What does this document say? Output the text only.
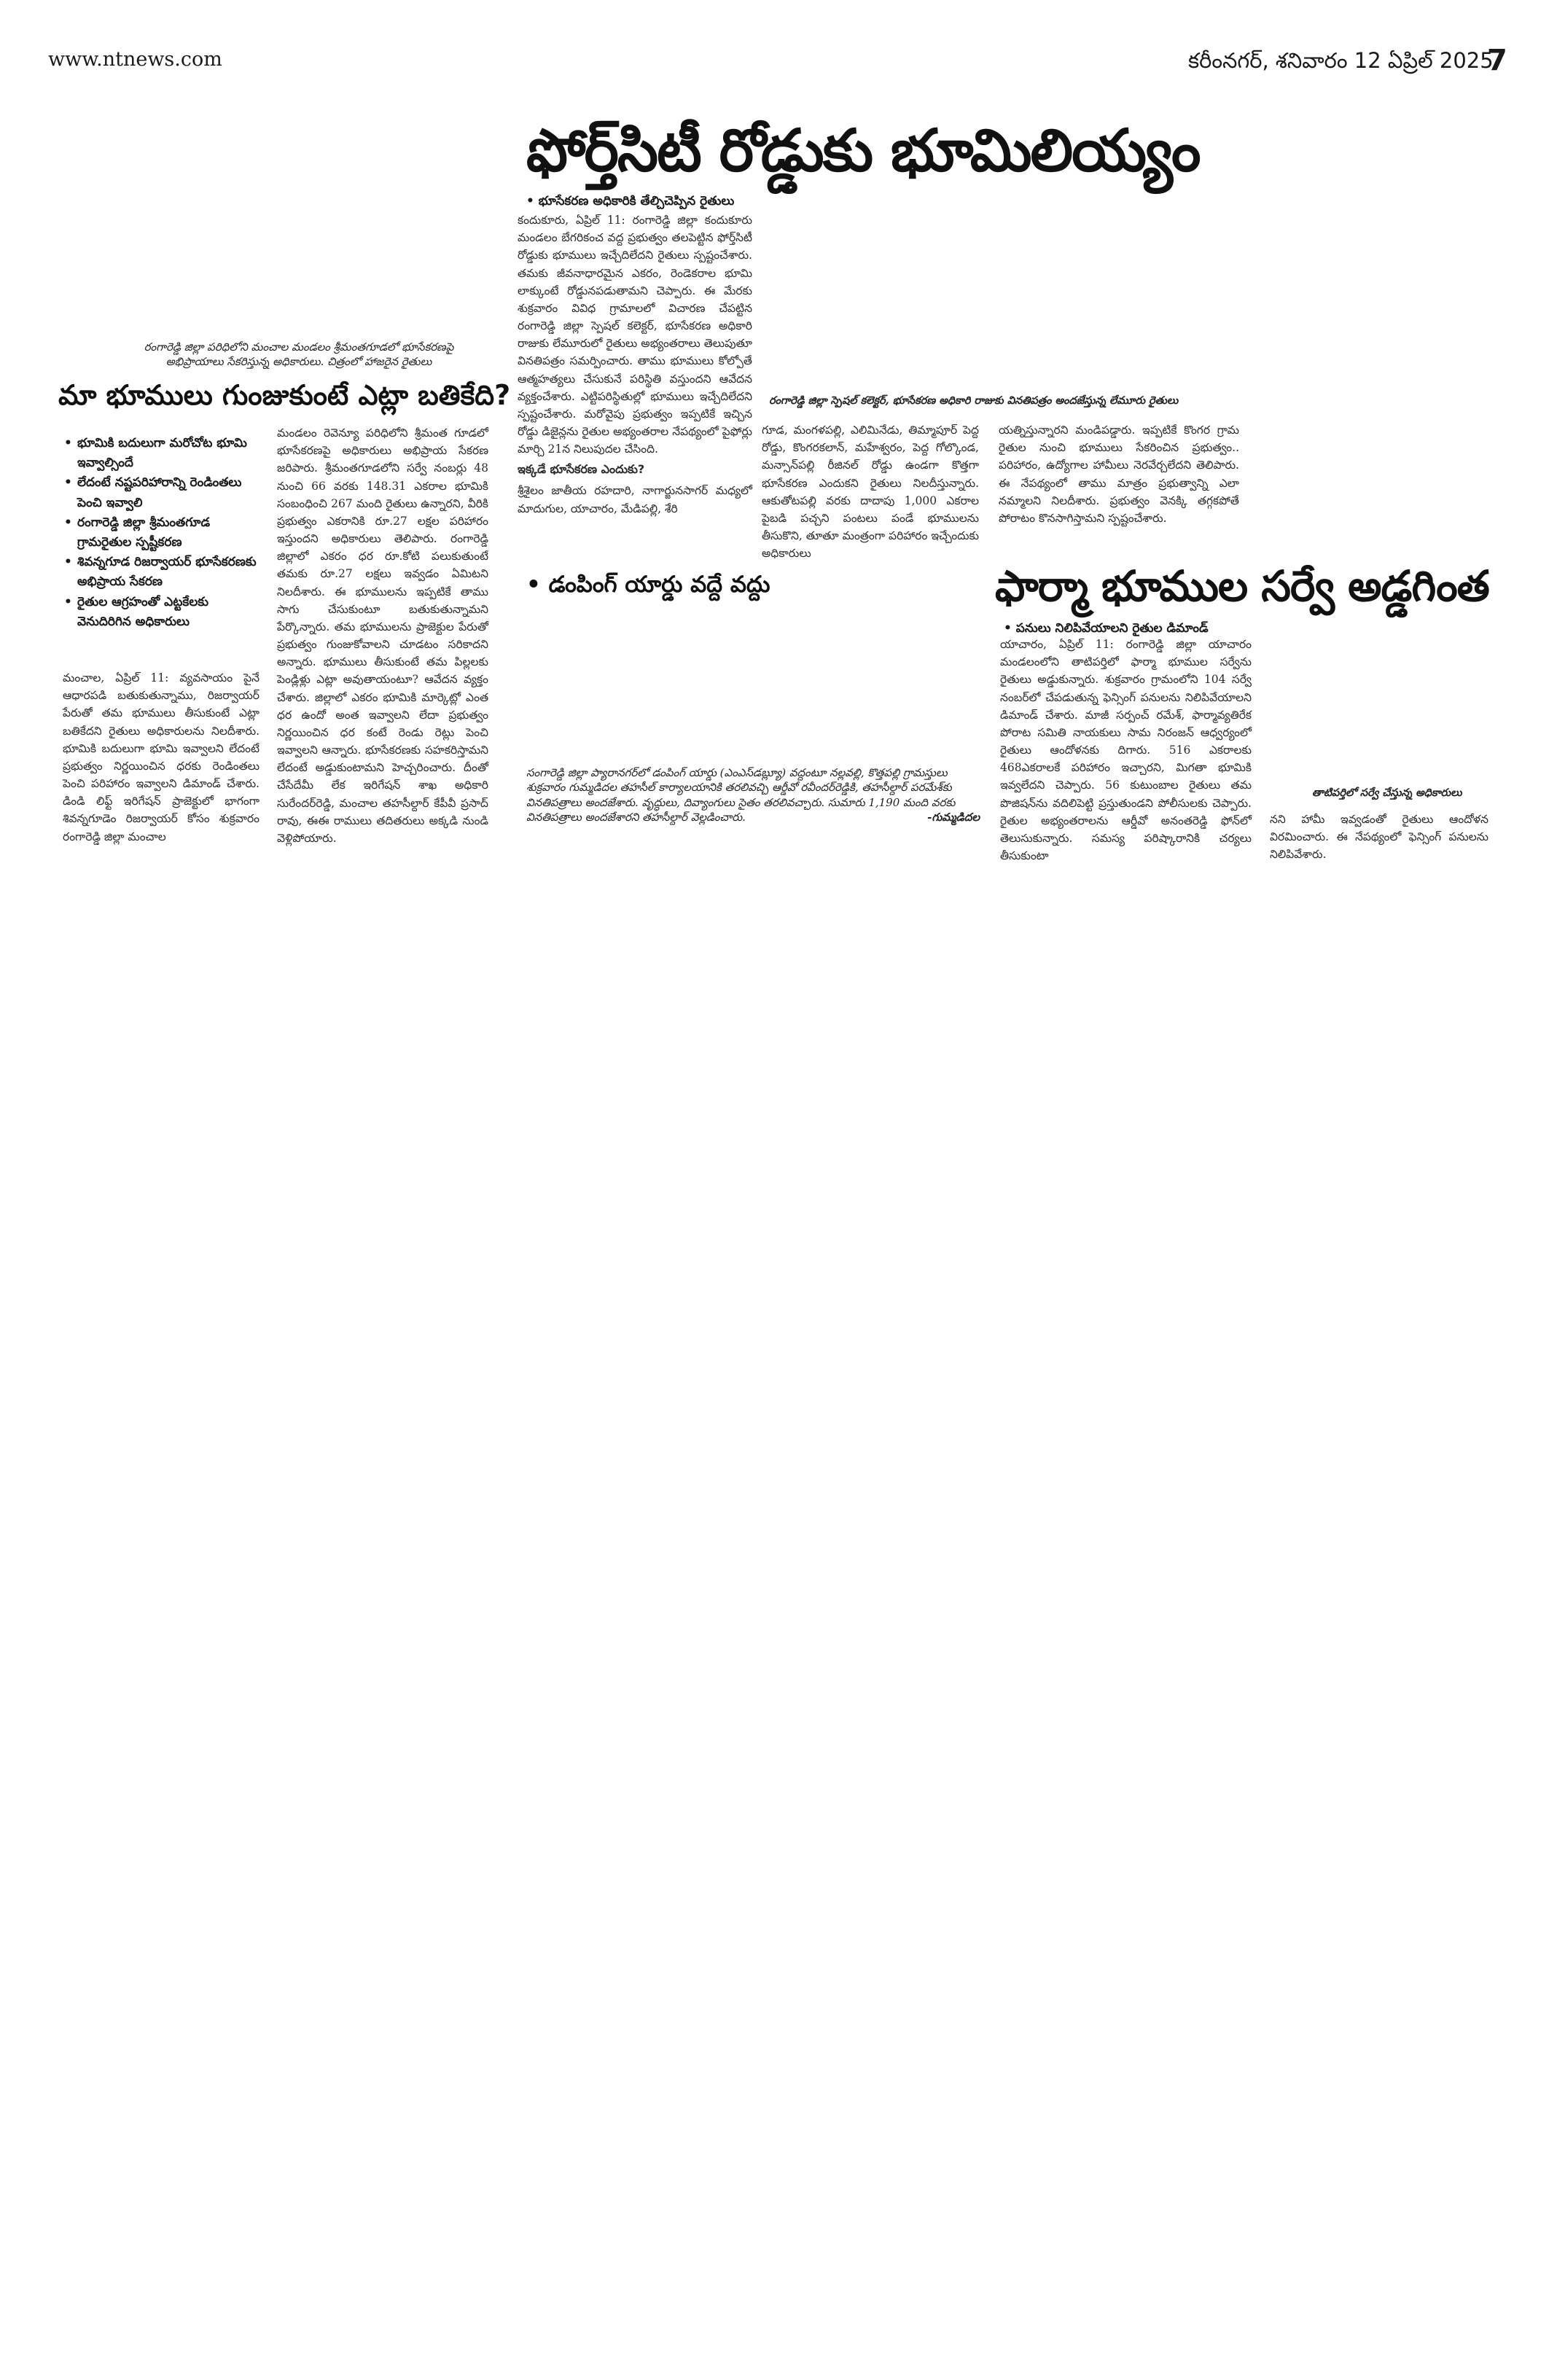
www.ntnews.com	కరీంనగర్, శనివారం 12 ఏప్రిల్ 2025
7
ఫోర్త్‌సిటీ రోడ్డుకు భూమిలియ్యం
రంగారెడ్డి జిల్లా పరిధిలోని మంచాల మండలం శ్రీమంతగూడలో భూసేకరణపై అభిప్రాయాలు సేకరిస్తున్న అధికారులు. చిత్రంలో హాజరైన రైతులు
మా భూములు గుంజుకుంటే ఎట్లా బతికేది?
• భూమికి బదులుగా మరోచోట భూమి ఇవ్వాల్సిందే
• లేదంటే నష్టపరిహారాన్ని రెండింతలు పెంచి ఇవ్వాలి
• రంగారెడ్డి జిల్లా శ్రీమంతగూడ గ్రామరైతుల స్పష్టీకరణ
• శివన్నగూడ రిజర్వాయర్ భూసేకరణకు అభిప్రాయ సేకరణ
• రైతుల ఆగ్రహంతో ఎట్టకేలకు వెనుదిరిగిన అధికారులు

మంచాల, ఏప్రిల్ 11: వ్యవసాయం పైనే ఆధారపడి బతుకుతున్నాము, రిజర్వాయర్ పేరుతో తమ భూములు తీసుకుంటే ఎట్లా బతికేదని రైతులు అధికారులను నిలదీశారు. భూమికి బదులుగా భూమి ఇవ్వాలని లేదంటే ప్రభుత్వం నిర్ణయించిన ధరకు రెండింతలు పెంచి పరిహారం ఇవ్వాలని డిమాండ్ చేశారు. డిండి లిఫ్ట్ ఇరిగేషన్ ప్రాజెక్టులో భాగంగా శివన్నగూడెం రిజర్వాయర్ కోసం శుక్రవారం రంగారెడ్డి జిల్లా మంచాల

మండలం రెవెన్యూ పరిధిలోని శ్రీమంత గూడలో భూసేకరణపై అధికారులు అభిప్రాయ సేకరణ జరిపారు. శ్రీమంతగూడలోని సర్వే నంబర్లు 48 నుంచి 66 వరకు 148.31 ఎకరాల భూమికి సంబంధించి 267 మంది రైతులు ఉన్నారని, వీరికి ప్రభుత్వం ఎకరానికి రూ.27 లక్షల పరిహారం ఇస్తుందని అధికారులు తెలిపారు. రంగారెడ్డి జిల్లాలో ఎకరం ధర రూ.కోటి పలుకుతుంటే తమకు రూ.27 లక్షలు ఇవ్వడం ఏమిటని నిలదీశారు. ఈ భూములను ఇప్పటికే తాము సాగు చేసుకుంటూ బతుకుతున్నామని పేర్కొన్నారు. తమ భూములను ప్రాజెక్టుల పేరుతో ప్రభుత్వం గుంజుకోవాలని చూడటం సరికాదని అన్నారు. భూములు తీసుకుంటే తమ పిల్లలకు పెండ్లిళ్లు ఎట్లా అవుతాయంటూ? ఆవేదన వ్యక్తం చేశారు. జిల్లాలో ఎకరం భూమికి మార్కెట్లో ఎంత ధర ఉందో అంత ఇవ్వాలని లేదా ప్రభుత్వం నిర్ణయించిన ధర కంటే రెండు రెట్లు పెంచి ఇవ్వాలని ఆన్నారు. భూసేకరణకు సహకరిస్తామని లేదంటే అడ్డుకుంటామని హెచ్చరించారు. దీంతో చేసేదేమీ లేక ఇరిగేషన్ శాఖ అధికారి సురేందర్‌రెడ్డి, మంచాల తహసీల్దార్ కేపీవీ ప్రసాద్ రావు, ఈఈ రాములు తదితరులు అక్కడి నుండి వెళ్లిపోయారు.

• భూసేకరణ అధికారికి తేల్చిచెప్పిన రైతులు

కందుకూరు, ఏప్రిల్ 11: రంగారెడ్డి జిల్లా కందుకూరు మండలం బేగరికంచ వద్ద ప్రభుత్వం తలపెట్టిన ఫోర్త్‌సిటీ రోడ్డుకు భూములు ఇచ్చేదిలేదని రైతులు స్పష్టంచేశారు. తమకు జీవనాధారమైన ఎకరం, రెండెకరాల భూమి లాక్కుంటే రోడ్డునపడుతామని చెప్పారు. ఈ మేరకు శుక్రవారం వివిధ గ్రామాలలో విచారణ చేపట్టిన రంగారెడ్డి జిల్లా స్పెషల్ కలెక్టర్, భూసేకరణ అధికారి రాజుకు లేమూరులో రైతులు అభ్యంతరాలు తెలుపుతూ వినతిపత్రం సమర్పించారు. తాము భూములు కోల్పోతే ఆత్మహత్యలు చేసుకునే పరిస్థితి వస్తుందని ఆవేదన వ్యక్తంచేశారు. ఎట్టిపరిస్థితుల్లో భూములు ఇచ్చేదిలేదని స్పష్టంచేశారు. మరోవైపు ప్రభుత్వం ఇప్పటికే ఇచ్చిన రోడ్డు డిజైన్లను రైతుల అభ్యంతరాల నేపథ్యంలో పైఫోర్లు మార్చి 21న నిలుపుదల చేసింది.

ఇక్కడే భూసేకరణ ఎందుకు?

శ్రీశైలం జాతీయ రహదారి, నాగార్జునసాగర్ మధ్యలో మాదుగుల, యాచారం, మేడిపల్లి, శేరి

రంగారెడ్డి జిల్లా స్పెషల్ కలెక్టర్, భూసేకరణ అధికారి రాజుకు వినతిపత్రం అందజేస్తున్న లేమూరు రైతులు

గూడ, మంగళపల్లి, ఎలిమినేడు, తిమ్మాపూర్ పెద్ద రోడ్డు, కొంగరకలాన్, మహేశ్వరం, పెద్ద గోల్కొండ, మన్సాన్‌పల్లి రీజినల్ రోడ్డు ఉండగా కొత్తగా భూసేకరణ ఎందుకని రైతులు నిలదీస్తున్నారు. ఆకుతోటపల్లి వరకు దాదాపు 1,000 ఎకరాల పైబడి పచ్చని పంటలు పండే భూములను తీసుకొని, తూతూ మంత్రంగా పరిహారం ఇచ్చేందుకు అధికారులు

యత్నిస్తున్నారని మండిపడ్డారు. ఇప్పటికే కొంగర గ్రామ రైతుల నుంచి భూములు సేకరించిన ప్రభుత్వం.. పరిహారం, ఉద్యోగాల హామీలు నెరవేర్చలేదని తెలిపారు. ఈ నేపథ్యంలో తాము మాత్రం ప్రభుత్వాన్ని ఎలా నమ్మాలని నిలదీశారు. ప్రభుత్వం వెనక్కి తగ్గకపోతే పోరాటం కొనసాగిస్తామని స్పష్టంచేశారు.

• డంపింగ్ యార్డు వద్దే వద్దు
సంగారెడ్డి జిల్లా ప్యారానగర్‌లో డంపింగ్ యార్డు (ఎంఎస్‌డబ్ల్యూ) వద్దంటూ నల్లవల్లి, కొత్తపల్లి గ్రామస్తులు శుక్రవారం గుమ్మడిదల తహసీల్ కార్యాలయానికి తరలివచ్చి ఆర్డీవో రవీందర్‌రెడ్డికి, తహసీల్దార్ పరమేశ్‌కు వినతిపత్రాలు అందజేశారు. వృద్ధులు, దివ్యాంగులు సైతం తరలివచ్చారు. సుమారు 1,190 మంది వరకు వినతిపత్రాలు అందజేశారని తహసీల్దార్ వెల్లడించారు.	-గుమ్మడిదల
ఫార్మా భూముల సర్వే అడ్డగింత
• పనులు నిలిపివేయాలని రైతుల డిమాండ్

యాచారం, ఏప్రిల్ 11: రంగారెడ్డి జిల్లా యాచారం మండలంలోని తాటిపర్తిలో ఫార్మా భూముల సర్వేను రైతులు అడ్డుకున్నారు. శుక్రవారం గ్రామంలోని 104 సర్వే నంబర్‌లో చేపడుతున్న ఫెన్సింగ్ పనులను నిలిపివేయాలని డిమాండ్ చేశారు. మాజీ సర్పంచ్ రమేశ్, ఫార్మావ్యతిరేక పోరాట సమితి నాయకులు సామ నిరంజన్ ఆధ్వర్యంలో రైతులు ఆందోళనకు దిగారు. 516 ఎకరాలకు 468ఎకరాలకే పరిహారం ఇచ్చారని, మిగతా భూమికి ఇవ్వలేదని చెప్పారు. 56 కుటుంబాల రైతులు తమ పొజిషన్‌ను వదిలిపెట్టి ప్రస్తుతుండని పోలీసులకు చెప్పారు. రైతుల అభ్యంతరాలను ఆర్డీవో అనంతరెడ్డి ఫోన్‌లో తెలుసుకున్నారు. సమస్య పరిష్కారానికి చర్యలు తీసుకుంటా

తాటిపర్తిలో సర్వే చేస్తున్న అధికారులు

నని హామీ ఇవ్వడంతో రైతులు ఆందోళన విరమించారు. ఈ నేపథ్యంలో ఫెన్సింగ్ పనులను నిలిపివేశారు.
